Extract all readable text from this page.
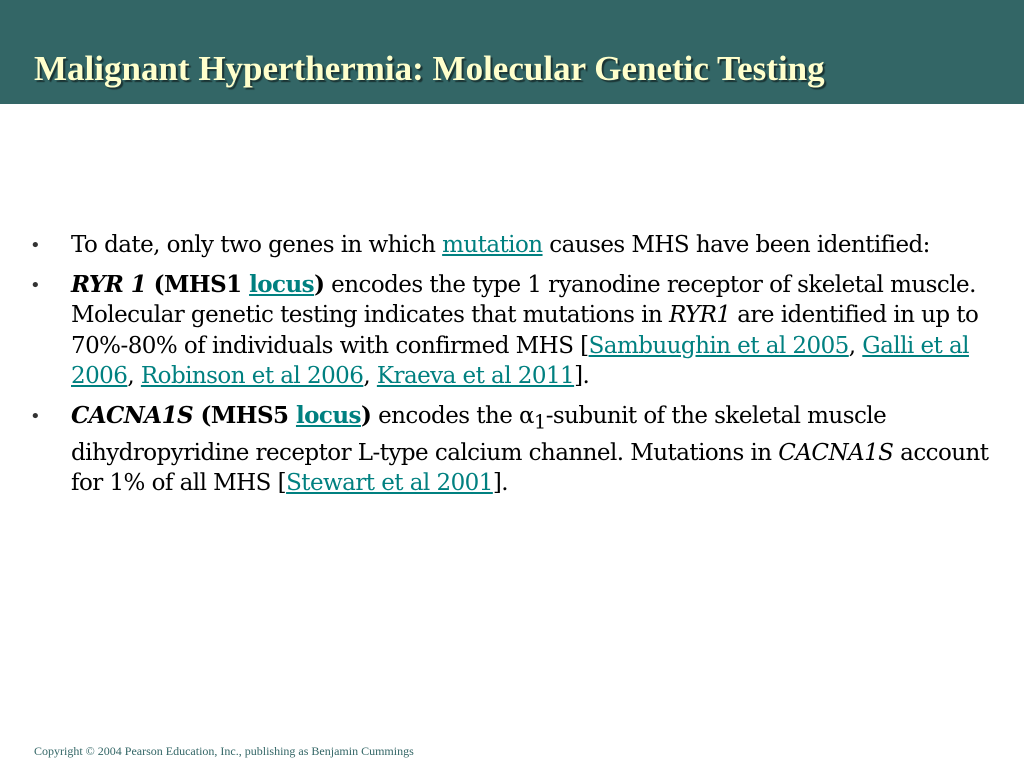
Malignant Hyperthermia: Molecular Genetic Testing
• To date, only two genes in which mutation causes MHS have been identified:
• RYR 1 (MHS1 locus) encodes the type 1 ryanodine receptor of skeletal muscle. Molecular genetic testing indicates that mutations in RYR1 are identified in up to 70%-80% of individuals with confirmed MHS [Sambuughin et al 2005, Galli et al 2006, Robinson et al 2006, Kraeva et al 2011].
• CACNA1S (MHS5 locus) encodes the $\alpha_1$-subunit of the skeletal muscle dihydropyridine receptor L-type calcium channel. Mutations in CACNA1S account for 1% of all MHS [Stewart et al 2001].
Copyright © 2004 Pearson Education, Inc., publishing as Benjamin Cummings
